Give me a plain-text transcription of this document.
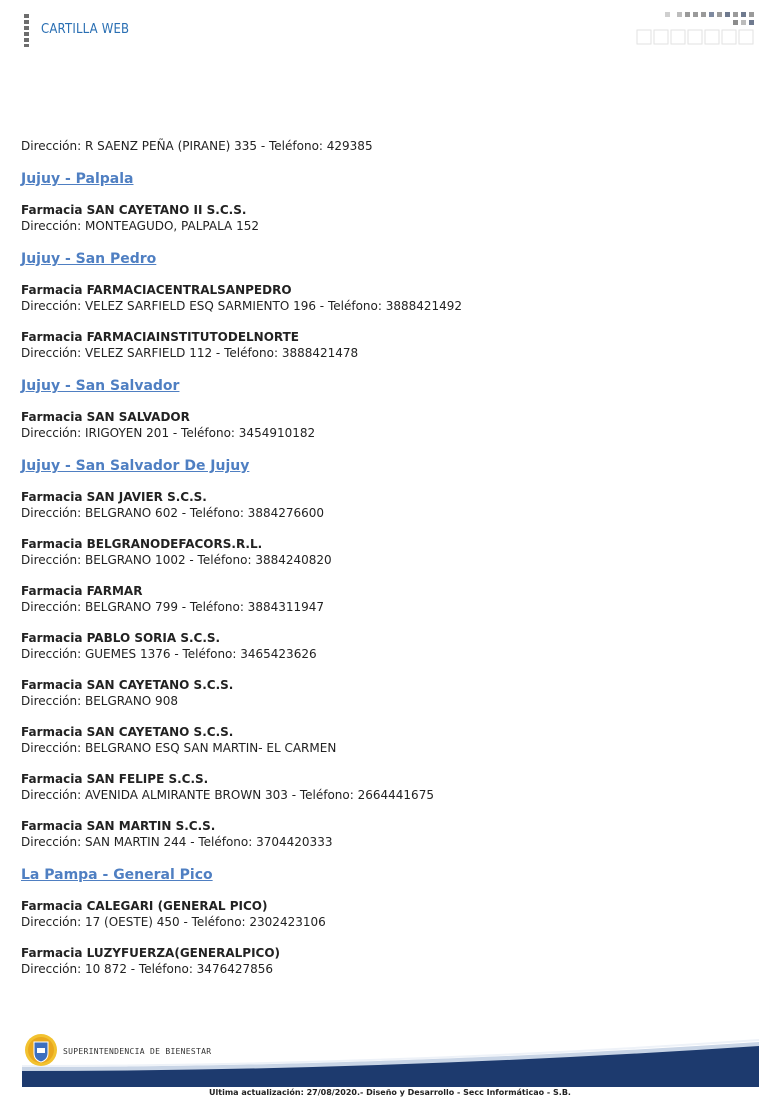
CARTILLA WEB
Dirección: R SAENZ PEÑA (PIRANE) 335 - Teléfono: 429385
Jujuy - Palpala
Farmacia SAN CAYETANO II S.C.S.
Dirección: MONTEAGUDO, PALPALA 152
Jujuy - San Pedro
Farmacia FARMACIACENTRALSANPEDRO
Dirección: VELEZ SARFIELD ESQ SARMIENTO 196 - Teléfono: 3888421492
Farmacia FARMACIAINSTITUTODELNORTE
Dirección: VELEZ SARFIELD 112 - Teléfono: 3888421478
Jujuy - San Salvador
Farmacia SAN SALVADOR
Dirección: IRIGOYEN 201 - Teléfono: 3454910182
Jujuy - San Salvador De Jujuy
Farmacia SAN JAVIER S.C.S.
Dirección: BELGRANO 602 - Teléfono: 3884276600
Farmacia BELGRANODEFACORS.R.L.
Dirección: BELGRANO 1002 - Teléfono: 3884240820
Farmacia FARMAR
Dirección: BELGRANO 799 - Teléfono: 3884311947
Farmacia PABLO SORIA S.C.S.
Dirección: GUEMES 1376 - Teléfono: 3465423626
Farmacia SAN CAYETANO S.C.S.
Dirección: BELGRANO 908
Farmacia SAN CAYETANO S.C.S.
Dirección: BELGRANO ESQ SAN MARTIN- EL CARMEN
Farmacia SAN FELIPE S.C.S.
Dirección: AVENIDA ALMIRANTE BROWN 303 - Teléfono: 2664441675
Farmacia SAN MARTIN S.C.S.
Dirección: SAN MARTIN 244 - Teléfono: 3704420333
La Pampa - General Pico
Farmacia CALEGARI (GENERAL PICO)
Dirección: 17 (OESTE) 450 - Teléfono: 2302423106
Farmacia LUZYFUERZA(GENERALPICO)
Dirección: 10 872 - Teléfono: 3476427856
SUPERINTENDENCIA DE BIENESTAR
Ultima actualización: 27/08/2020.- Diseño y Desarrollo - Secc Informáticao - S.B.
